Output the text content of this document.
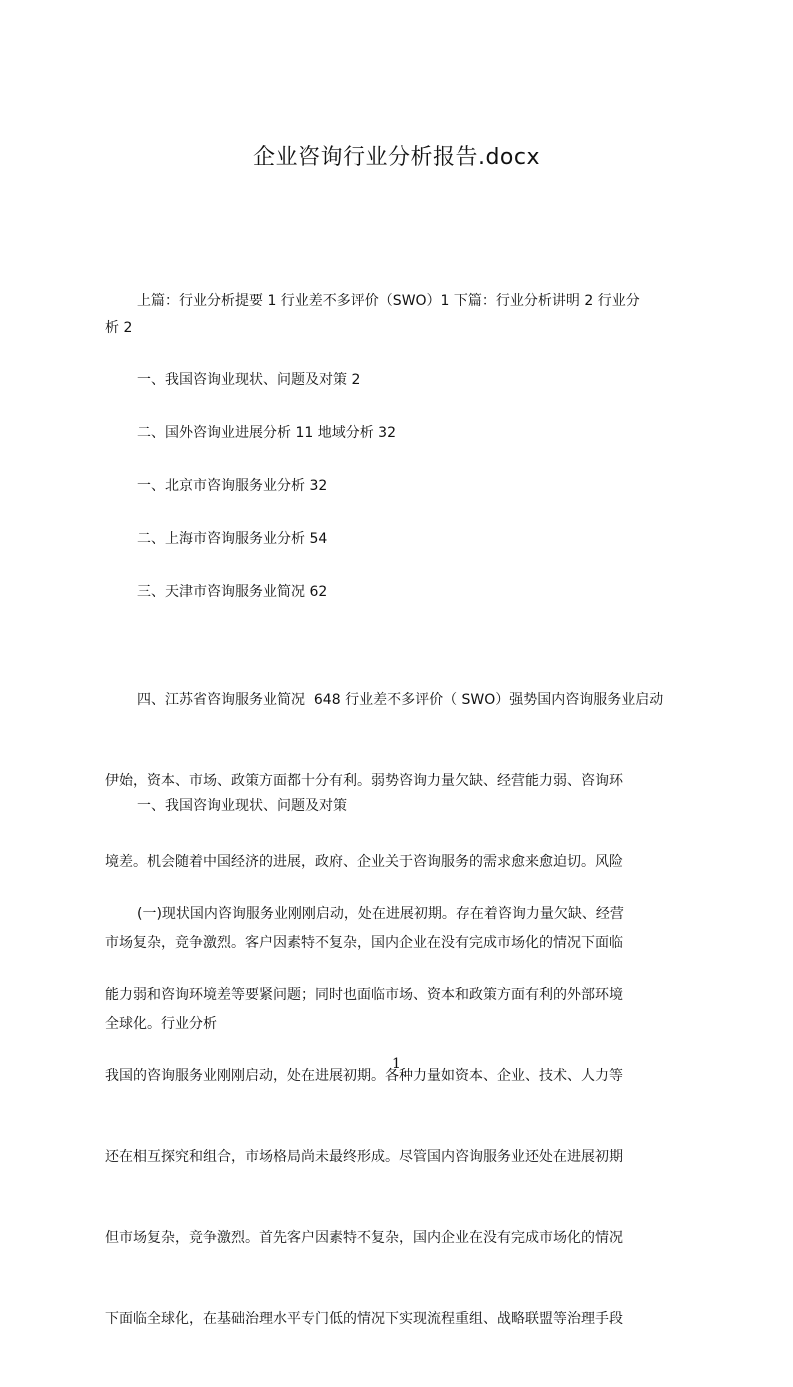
企业咨询行业分析报告.docx
上篇：行业分析提要 1 行业差不多评价（SWO）1 下篇：行业分析讲明 2 行业分
析 2
一、我国咨询业现状、问题及对策 2
二、国外咨询业进展分析 11 地域分析 32
一、北京市咨询服务业分析 32
二、上海市咨询服务业分析 54
三、天津市咨询服务业简况 62

四、江苏省咨询服务业简况  648 行业差不多评价（ SWO）强势国内咨询服务业启动

伊始，资本、市场、政策方面都十分有利。弱势咨询力量欠缺、经营能力弱、咨询环

境差。机会随着中国经济的进展，政府、企业关于咨询服务的需求愈来愈迫切。风险

市场复杂，竞争激烈。客户因素特不复杂，国内企业在没有完成市场化的情况下面临

全球化。行业分析

一、我国咨询业现状、问题及对策

(一)现状国内咨询服务业刚刚启动，处在进展初期。存在着咨询力量欠缺、经营

能力弱和咨询环境差等要紧问题；同时也面临市场、资本和政策方面有利的外部环境

我国的咨询服务业刚刚启动，处在进展初期。各种力量如资本、企业、技术、人力等

还在相互探究和组合，市场格局尚未最终形成。尽管国内咨询服务业还处在进展初期

但市场复杂，竞争激烈。首先客户因素特不复杂，国内企业在没有完成市场化的情况

下面临全球化，在基础治理水平专门低的情况下实现流程重组、战略联盟等治理手段

1
